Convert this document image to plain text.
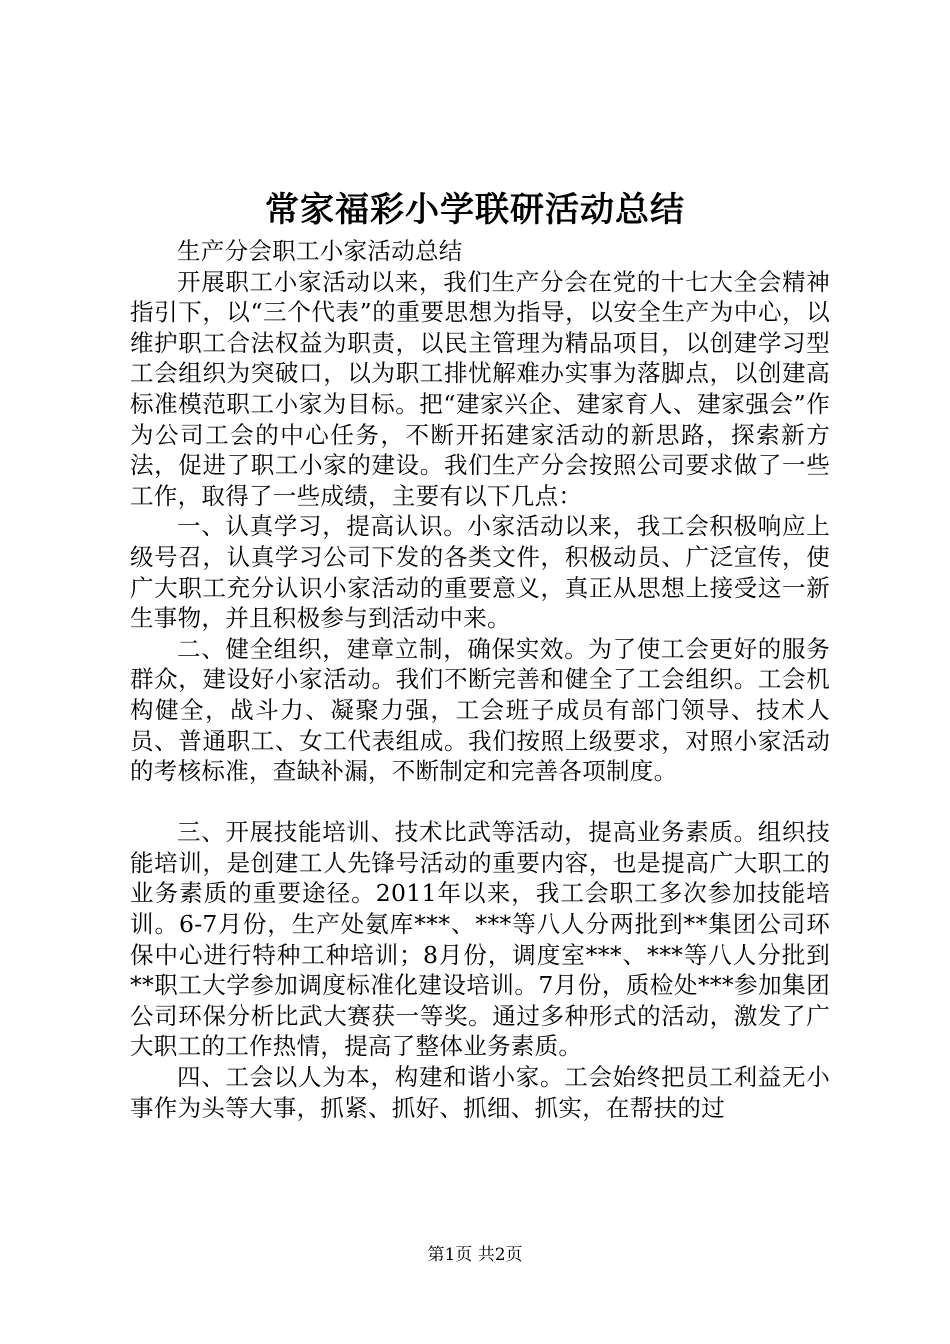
常家福彩小学联研活动总结

生产分会职工小家活动总结

开展职工小家活动以来，我们生产分会在党的十七大全会精神指引下，以“三个代表”的重要思想为指导，以安全生产为中心，以维护职工合法权益为职责，以民主管理为精品项目，以创建学习型工会组织为突破口，以为职工排忧解难办实事为落脚点，以创建高标准模范职工小家为目标。把“建家兴企、建家育人、建家强会”作为公司工会的中心任务，不断开拓建家活动的新思路，探索新方法，促进了职工小家的建设。我们生产分会按照公司要求做了一些工作，取得了一些成绩，主要有以下几点：

一、认真学习，提高认识。小家活动以来，我工会积极响应上级号召，认真学习公司下发的各类文件，积极动员、广泛宣传，使广大职工充分认识小家活动的重要意义，真正从思想上接受这一新生事物，并且积极参与到活动中来。

二、健全组织，建章立制，确保实效。为了使工会更好的服务群众，建设好小家活动。我们不断完善和健全了工会组织。工会机构健全，战斗力、凝聚力强，工会班子成员有部门领导、技术人员、普通职工、女工代表组成。我们按照上级要求，对照小家活动的考核标准，查缺补漏，不断制定和完善各项制度。

三、开展技能培训、技术比武等活动，提高业务素质。组织技能培训，是创建工人先锋号活动的重要内容，也是提高广大职工的业务素质的重要途径。2011年以来，我工会职工多次参加技能培训。6-7月份，生产处氨库***、***等八人分两批到**集团公司环保中心进行特种工种培训；8月份，调度室***、***等八人分批到**职工大学参加调度标准化建设培训。7月份，质检处***参加集团公司环保分析比武大赛获一等奖。通过多种形式的活动，激发了广大职工的工作热情，提高了整体业务素质。

四、工会以人为本，构建和谐小家。工会始终把员工利益无小事作为头等大事，抓紧、抓好、抓细、抓实，在帮扶的过

第1页 共2页
